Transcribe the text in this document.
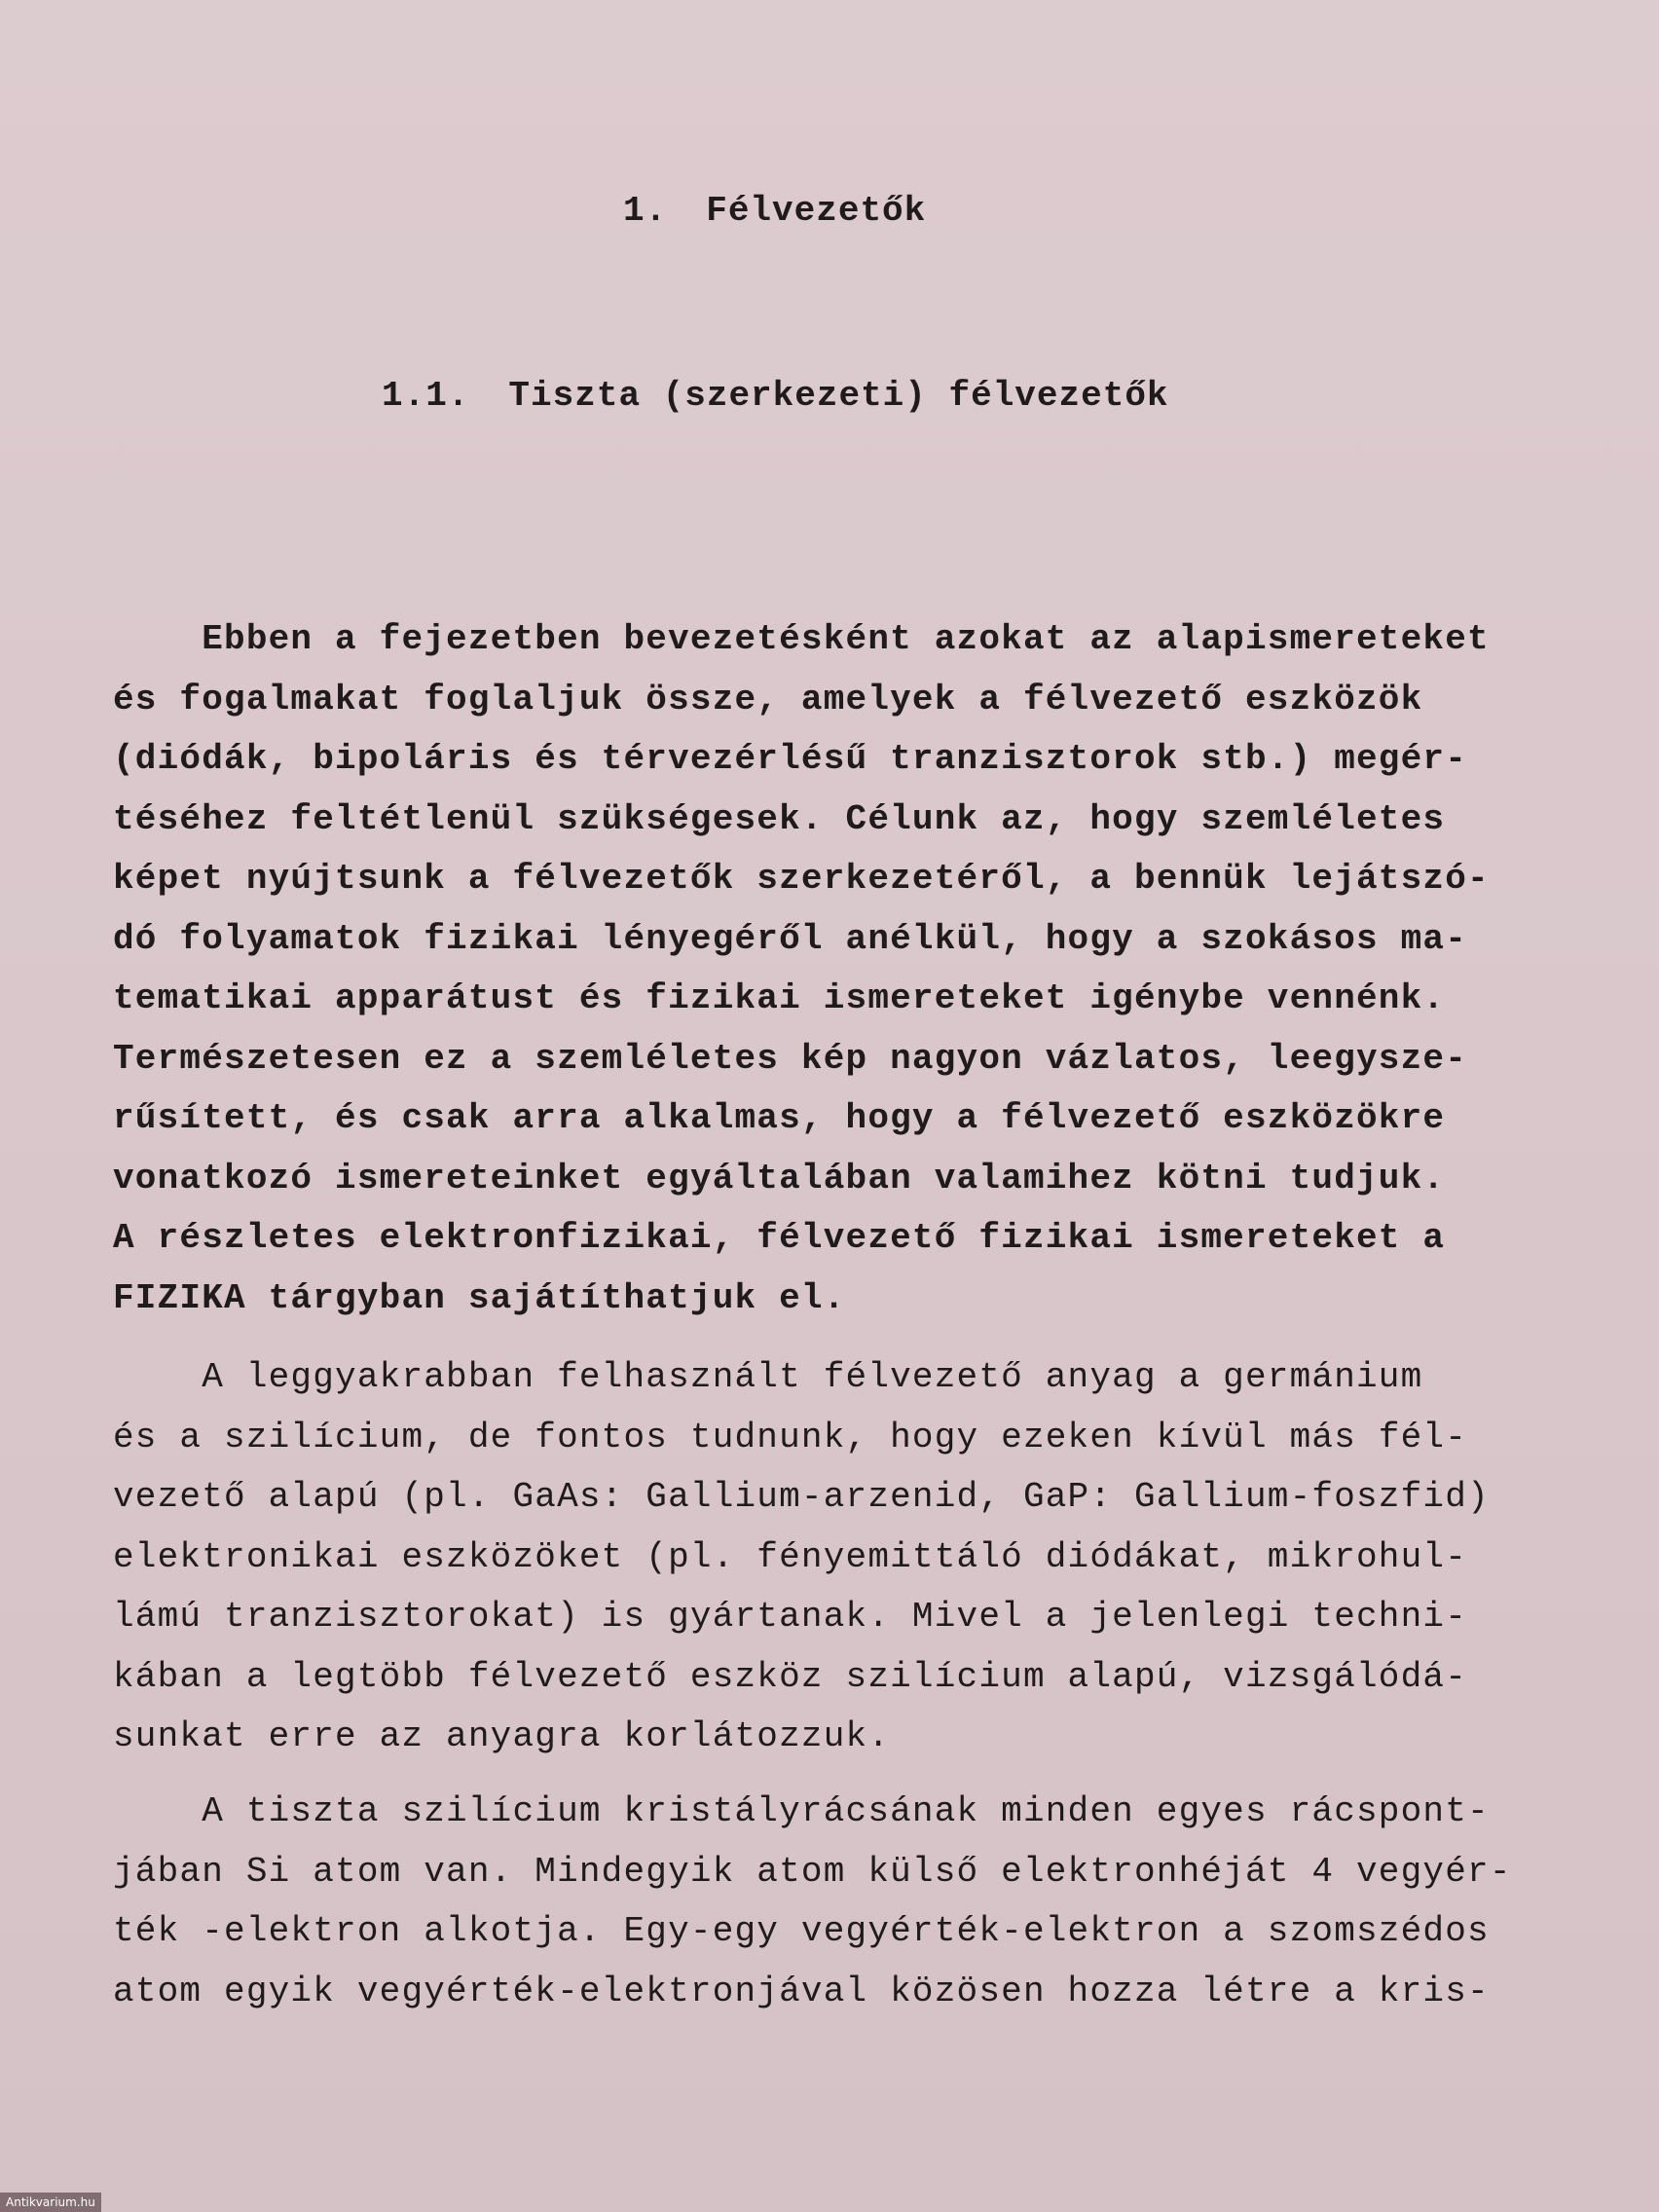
1. Félvezetők
1.1. Tiszta (szerkezeti) félvezetők
Ebben a fejezetben bevezetésként azokat az alapismereteket
és fogalmakat foglaljuk össze, amelyek a félvezető eszközök
(diódák, bipoláris és térvezérlésű tranzisztorok stb.) megér-
téséhez feltétlenül szükségesek. Célunk az, hogy szemléletes
képet nyújtsunk a félvezetők szerkezetéről, a bennük lejátszó-
dó folyamatok fizikai lényegéről anélkül, hogy a szokásos ma-
tematikai apparátust és fizikai ismereteket igénybe vennénk.
Természetesen ez a szemléletes kép nagyon vázlatos, leegysze-
rűsített, és csak arra alkalmas, hogy a félvezető eszközökre
vonatkozó ismereteinket egyáltalában valamihez kötni tudjuk.
A részletes elektronfizikai, félvezető fizikai ismereteket a
FIZIKA tárgyban sajátíthatjuk el.
A leggyakrabban felhasznált félvezető anyag a germánium
és a szilícium, de fontos tudnunk, hogy ezeken kívül más fél-
vezető alapú (pl. GaAs: Gallium-arzenid, GaP: Gallium-foszfid)
elektronikai eszközöket (pl. fényemittáló diódákat, mikrohul-
lámú tranzisztorokat) is gyártanak. Mivel a jelenlegi techni-
kában a legtöbb félvezető eszköz szilícium alapú, vizsgálódá-
sunkat erre az anyagra korlátozzuk.
A tiszta szilícium kristályrácsának minden egyes rácspont-
jában Si atom van. Mindegyik atom külső elektronhéját 4 vegyér-
ték -elektron alkotja. Egy-egy vegyérték-elektron a szomszédos
atom egyik vegyérték-elektronjával közösen hozza létre a kris-
Antikvarium.hu
